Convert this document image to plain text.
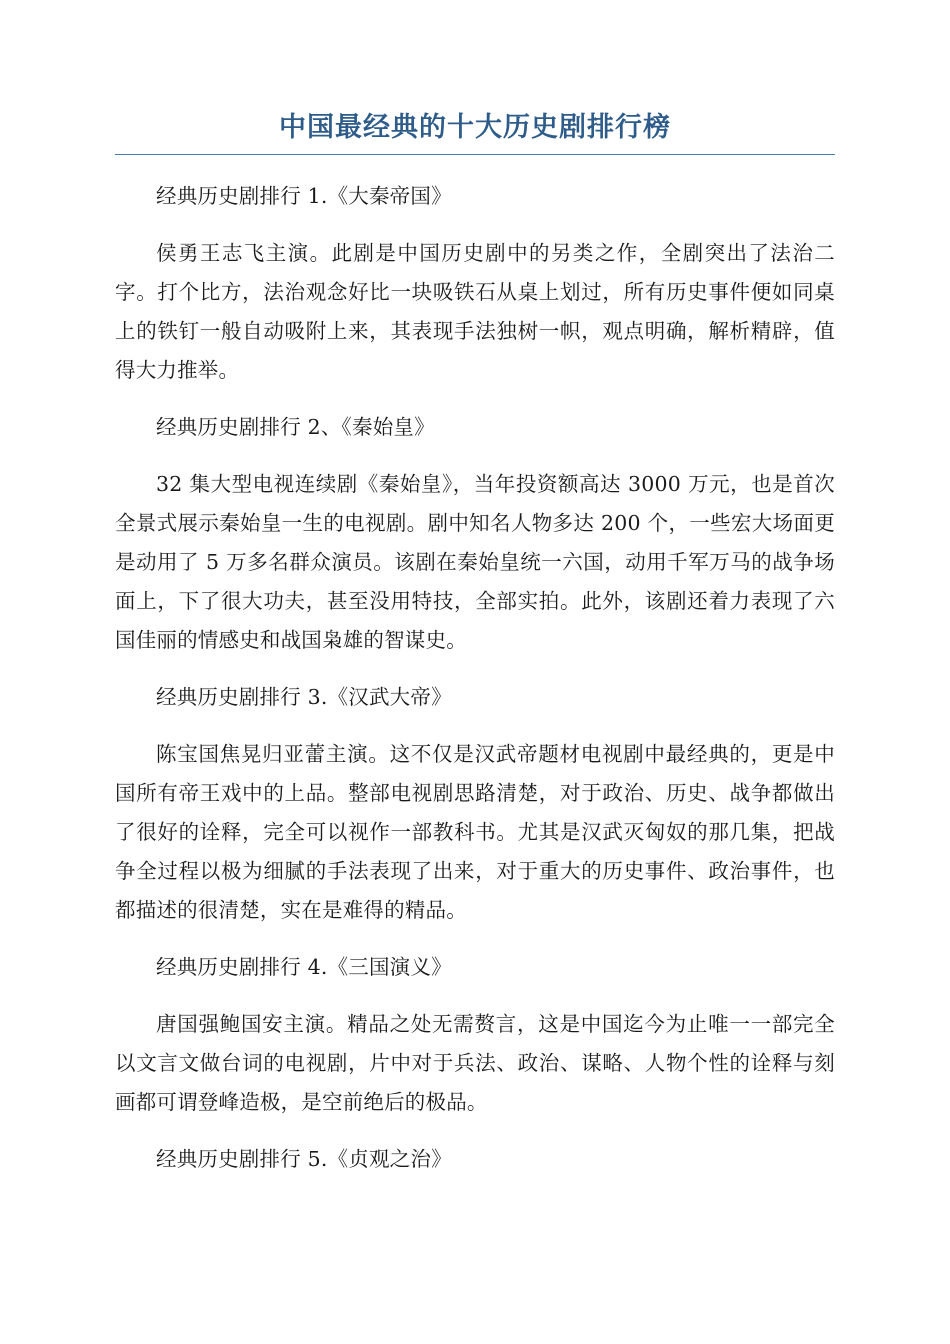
中国最经典的十大历史剧排行榜

经典历史剧排行 1.《大秦帝国》

侯勇王志飞主演。此剧是中国历史剧中的另类之作，全剧突出了法治二字。打个比方，法治观念好比一块吸铁石从桌上划过，所有历史事件便如同桌上的铁钉一般自动吸附上来，其表现手法独树一帜，观点明确，解析精辟，值得大力推举。

经典历史剧排行 2、《秦始皇》

32 集大型电视连续剧《秦始皇》，当年投资额高达 3000 万元，也是首次全景式展示秦始皇一生的电视剧。剧中知名人物多达 200 个，一些宏大场面更是动用了 5 万多名群众演员。该剧在秦始皇统一六国，动用千军万马的战争场面上，下了很大功夫，甚至没用特技，全部实拍。此外，该剧还着力表现了六国佳丽的情感史和战国枭雄的智谋史。

经典历史剧排行 3.《汉武大帝》

陈宝国焦晃归亚蕾主演。这不仅是汉武帝题材电视剧中最经典的，更是中国所有帝王戏中的上品。整部电视剧思路清楚，对于政治、历史、战争都做出了很好的诠释，完全可以视作一部教科书。尤其是汉武灭匈奴的那几集，把战争全过程以极为细腻的手法表现了出来，对于重大的历史事件、政治事件，也都描述的很清楚，实在是难得的精品。

经典历史剧排行 4.《三国演义》

唐国强鲍国安主演。精品之处无需赘言，这是中国迄今为止唯一一部完全以文言文做台词的电视剧，片中对于兵法、政治、谋略、人物个性的诠释与刻画都可谓登峰造极，是空前绝后的极品。

经典历史剧排行 5.《贞观之治》
